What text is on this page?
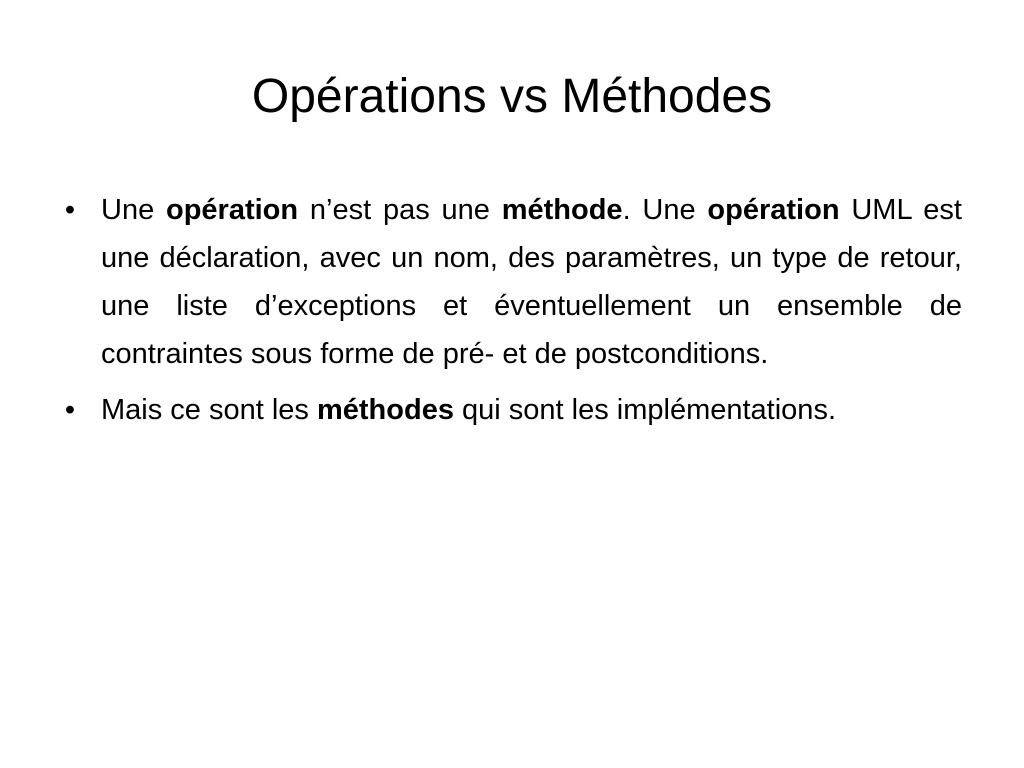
Opérations vs Méthodes
• Une opération n’est pas une méthode. Une opération UML est une déclaration, avec un nom, des paramètres, un type de retour, une liste d’exceptions et éventuellement un ensemble de contraintes sous forme de pré- et de postconditions.
• Mais ce sont les méthodes qui sont les implémentations.
